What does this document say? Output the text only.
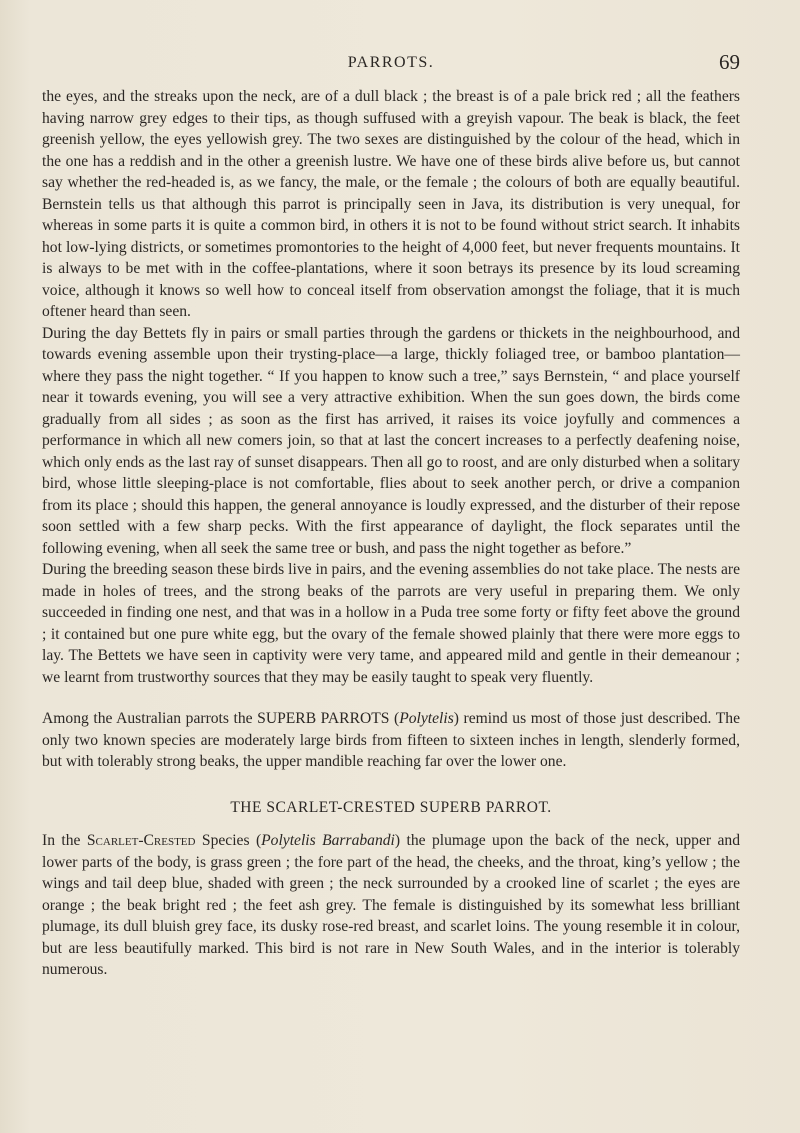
PARROTS.	69

the eyes, and the streaks upon the neck, are of a dull black ; the breast is of a pale brick red ; all the feathers having narrow grey edges to their tips, as though suffused with a greyish vapour. The beak is black, the feet greenish yellow, the eyes yellowish grey. The two sexes are distinguished by the colour of the head, which in the one has a reddish and in the other a greenish lustre. We have one of these birds alive before us, but cannot say whether the red-headed is, as we fancy, the male, or the female ; the colours of both are equally beautiful. Bernstein tells us that although this parrot is principally seen in Java, its distribution is very unequal, for whereas in some parts it is quite a common bird, in others it is not to be found without strict search. It inhabits hot low-lying districts, or sometimes promontories to the height of 4,000 feet, but never frequents mountains. It is always to be met with in the coffee-plantations, where it soon betrays its presence by its loud screaming voice, although it knows so well how to conceal itself from observation amongst the foliage, that it is much oftener heard than seen.

During the day Bettets fly in pairs or small parties through the gardens or thickets in the neighbourhood, and towards evening assemble upon their trysting-place—a large, thickly foliaged tree, or bamboo plantation—where they pass the night together. “ If you happen to know such a tree,” says Bernstein, “ and place yourself near it towards evening, you will see a very attractive exhibition. When the sun goes down, the birds come gradually from all sides ; as soon as the first has arrived, it raises its voice joyfully and commences a performance in which all new comers join, so that at last the concert increases to a perfectly deafening noise, which only ends as the last ray of sunset disappears. Then all go to roost, and are only disturbed when a solitary bird, whose little sleeping-place is not comfortable, flies about to seek another perch, or drive a companion from its place ; should this happen, the general annoyance is loudly expressed, and the disturber of their repose soon settled with a few sharp pecks. With the first appearance of daylight, the flock separates until the following evening, when all seek the same tree or bush, and pass the night together as before.”

During the breeding season these birds live in pairs, and the evening assemblies do not take place. The nests are made in holes of trees, and the strong beaks of the parrots are very useful in preparing them. We only succeeded in finding one nest, and that was in a hollow in a Puda tree some forty or fifty feet above the ground ; it contained but one pure white egg, but the ovary of the female showed plainly that there were more eggs to lay. The Bettets we have seen in captivity were very tame, and appeared mild and gentle in their demeanour ; we learnt from trustworthy sources that they may be easily taught to speak very fluently.

Among the Australian parrots the SUPERB PARROTS (Polytelis) remind us most of those just described. The only two known species are moderately large birds from fifteen to sixteen inches in length, slenderly formed, but with tolerably strong beaks, the upper mandible reaching far over the lower one.

THE SCARLET-CRESTED SUPERB PARROT.

In the Scarlet-Crested Species (Polytelis Barrabandi) the plumage upon the back of the neck, upper and lower parts of the body, is grass green ; the fore part of the head, the cheeks, and the throat, king’s yellow ; the wings and tail deep blue, shaded with green ; the neck surrounded by a crooked line of scarlet ; the eyes are orange ; the beak bright red ; the feet ash grey. The female is distinguished by its somewhat less brilliant plumage, its dull bluish grey face, its dusky rose-red breast, and scarlet loins. The young resemble it in colour, but are less beautifully marked. This bird is not rare in New South Wales, and in the interior is tolerably numerous.
